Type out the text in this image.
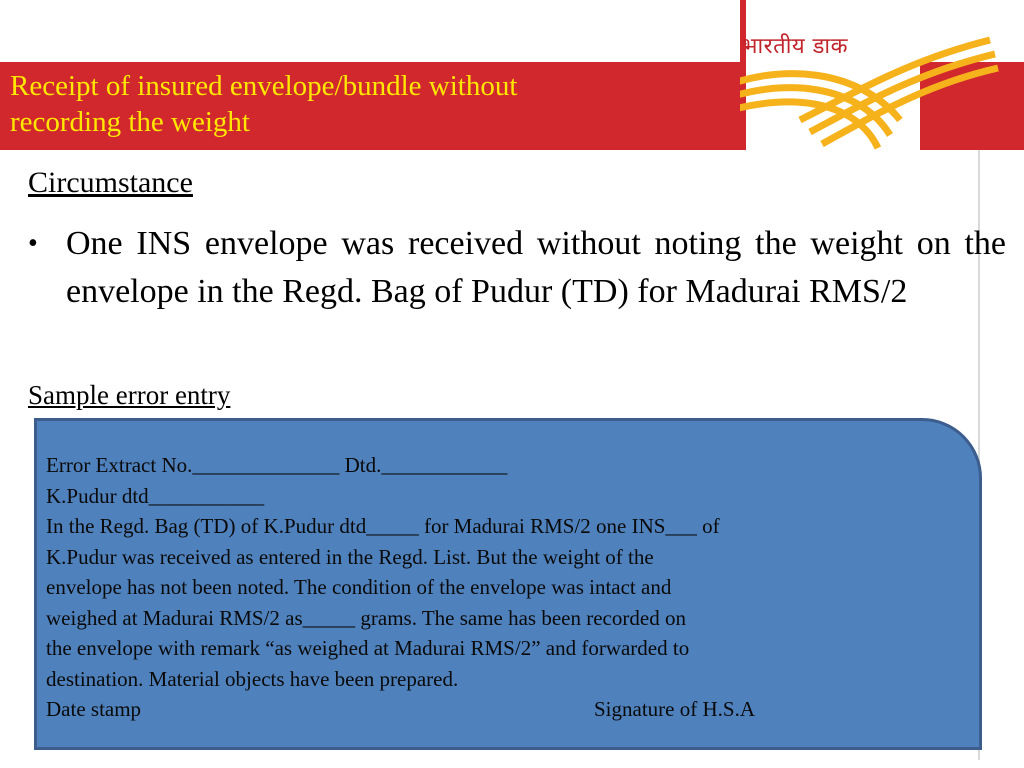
Receipt of insured envelope/bundle without
recording the weight
भारतीय डाक
Circumstance
• One INS envelope was received without noting the weight on the envelope in the Regd. Bag of Pudur (TD) for Madurai RMS/2
Sample error entry
Error Extract No.______________ Dtd.____________
K.Pudur dtd___________
In the Regd. Bag (TD) of K.Pudur dtd_____ for Madurai RMS/2 one INS___ of
K.Pudur was received as entered in the Regd. List. But the weight of the
envelope has not been noted. The condition of the envelope was intact and
weighed at Madurai RMS/2 as_____ grams. The same has been recorded on
the envelope with remark “as weighed at Madurai RMS/2” and forwarded to
destination. Material objects have been prepared.
Date stamp	Signature of H.S.A
